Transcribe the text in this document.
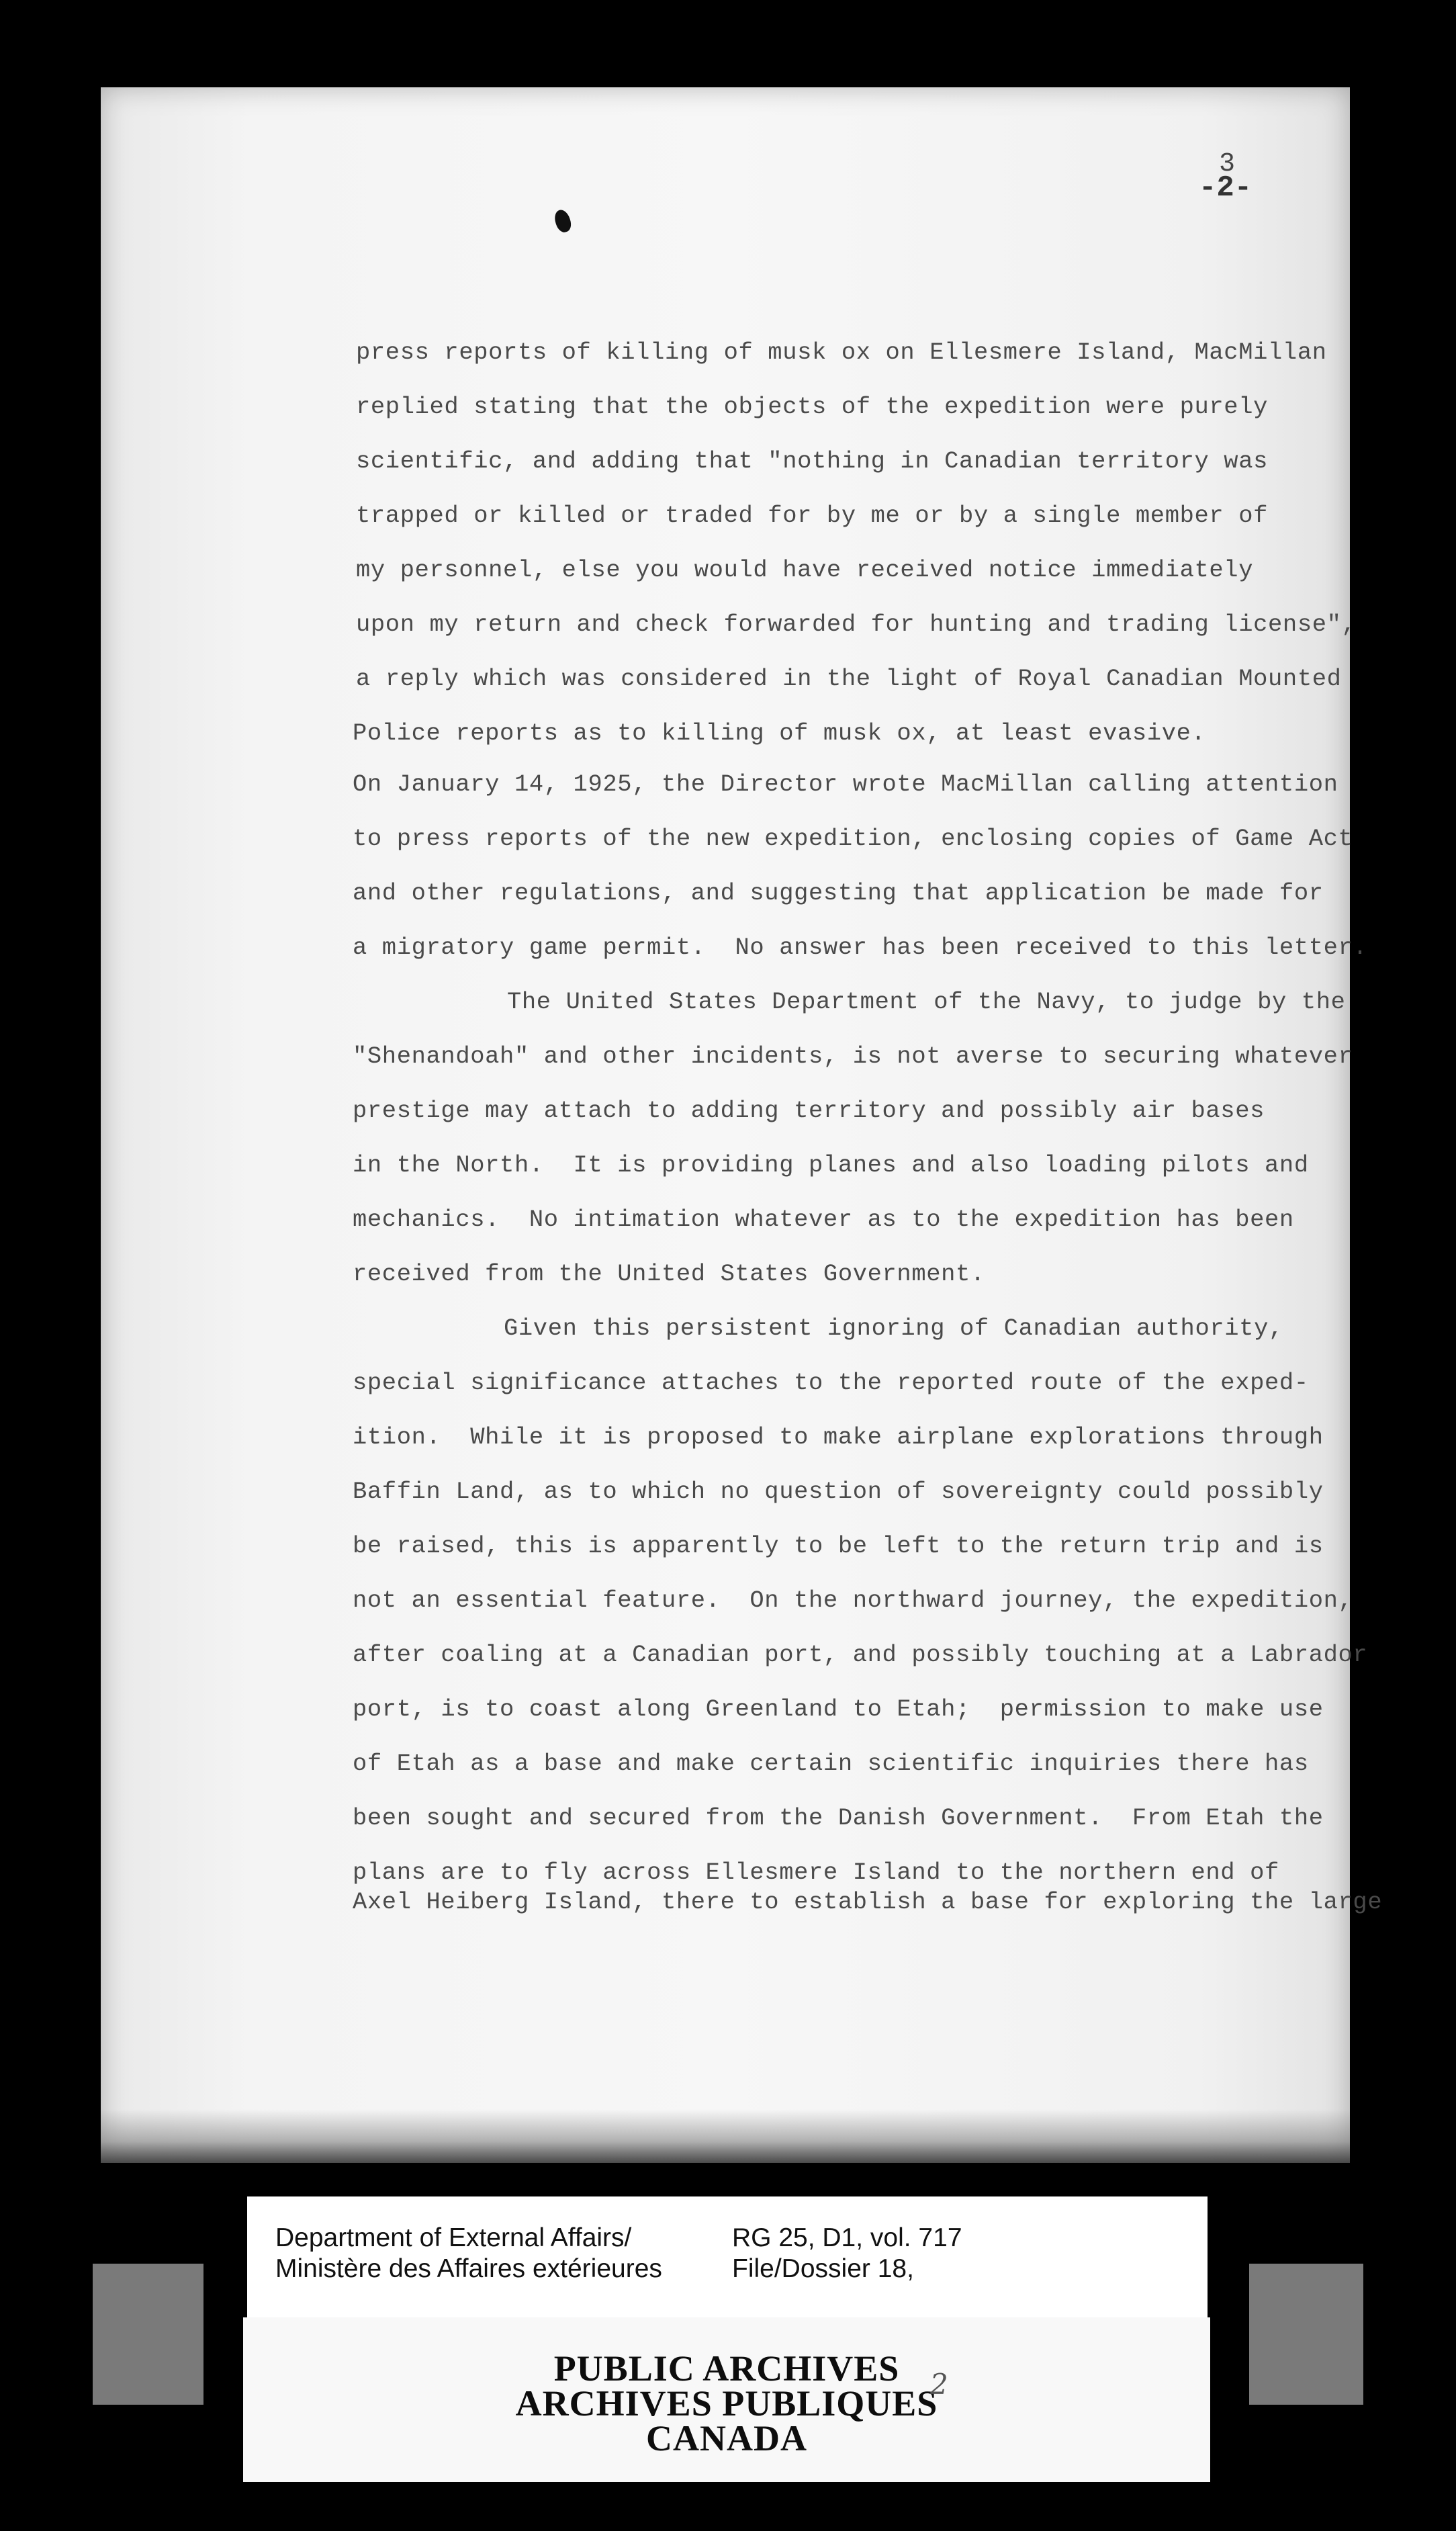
3
-2-
press reports of killing of musk ox on Ellesmere Island, MacMillan
replied stating that the objects of the expedition were purely
scientific, and adding that "nothing in Canadian territory was
trapped or killed or traded for by me or by a single member of
my personnel, else you would have received notice immediately
upon my return and check forwarded for hunting and trading license",
a reply which was considered in the light of Royal Canadian Mounted
Police reports as to killing of musk ox, at least evasive.
On January 14, 1925, the Director wrote MacMillan calling attention
to press reports of the new expedition, enclosing copies of Game Act
and other regulations, and suggesting that application be made for
a migratory game permit.  No answer has been received to this letter.
The United States Department of the Navy, to judge by the
"Shenandoah" and other incidents, is not averse to securing whatever
prestige may attach to adding territory and possibly air bases
in the North.  It is providing planes and also loading pilots and
mechanics.  No intimation whatever as to the expedition has been
received from the United States Government.
Given this persistent ignoring of Canadian authority,
special significance attaches to the reported route of the exped-
ition.  While it is proposed to make airplane explorations through
Baffin Land, as to which no question of sovereignty could possibly
be raised, this is apparently to be left to the return trip and is
not an essential feature.  On the northward journey, the expedition,
after coaling at a Canadian port, and possibly touching at a Labrador
port, is to coast along Greenland to Etah;  permission to make use
of Etah as a base and make certain scientific inquiries there has
been sought and secured from the Danish Government.  From Etah the
plans are to fly across Ellesmere Island to the northern end of
Axel Heiberg Island, there to establish a base for exploring the large
Department of External Affairs/
Ministère des Affaires extérieures
RG 25, D1, vol. 717
File/Dossier 18,
PUBLIC ARCHIVES
ARCHIVES PUBLIQUES
CANADA
2
